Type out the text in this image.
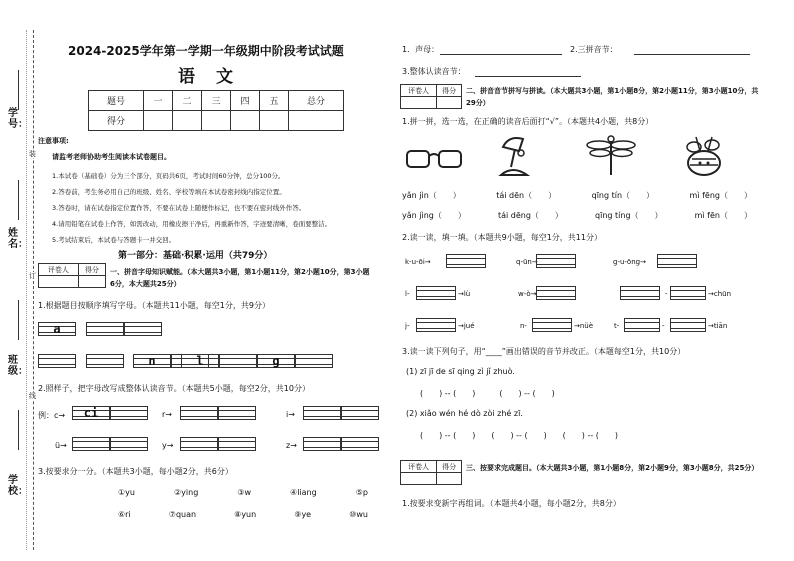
学号：
姓名：
班级：
学校：
装
订
线
2024-2025学年第一学期一年级期中阶段考试试题
语　文
题号	一	二	三	四	五	总分
得分						
注意事项:
请监考老师协助考生阅读本试卷题目。
1.本试卷（基础卷）分为三个部分，页码共6页，考试时间60分钟，总分100分。
2.答卷前，考生务必用自己的班级、姓名、学校等填在本试卷密封线内指定位置。
3.答卷时，请在试卷指定位置作答，不要在试卷上随便作标记，也不要在密封线外作答。
4.请用铅笔在试卷上作答，如需改动，用橡皮擦干净后，再重新作答，字迹要清晰，卷面要整洁。
5.考试结束后，本试卷与答题卡一并交回。
第一部分：基础·积累·运用（共79分）
评卷人	得分
	一、拼音字母知识赋能。（本大题共3小题，第1小题11分，第2小题10分，第3小题6分，本大题共25分）
1.根据题目按顺序填写字母。（本题共11小题，每空1分，共9分）
a
n	l	g
2.照样子，把字母改写成整体认读音节。（本题共5小题，每空2分，共10分）
例：c→	ci	r→	i→
ü→	y→	z→
3.按要求分一分。（本题共3小题，每小题2分，共6分）
①yu	②ying	③w	④liang	⑤p
⑥ri	⑦quan	⑧yun	⑨ye	⑩wu
1．声母：	2.三拼音节：
3.整体认读音节：
评卷人	得分
	二、拼音音节拼写与拼读。（本大题共3小题，第1小题8分，第2小题11分，第3小题10分，共29分）
1.拼一拼，选一选，在正确的读音后面打“√”。（本题共4小题，共8分）
yǎn jìn（　　）	tái dēn（　　）	qīng tín（　　）	mì fēng（　　）
yǎn jìng（　　）	tái dēng（　　）	qīng tíng（　　）	mì fēn（　　）
2.读一读，填一填。（本题共9小题，每空1分，共11分）
k-u-ōi→	q-ūn→	g-u-ōng→
l-	→lù	w-ò→	-	→chūn
j-	→jué	n-	→nüè	t-	-	→tiān
3.读一读下列句子，用“____”画出错误的音节并改正。（本题每空1分，共10分）
(1) zī jī de sī qing zì jǐ zhuò.
(　　) -- (　　)　　　(　　) -- (　　)
(2) xiǎo wén hé dò zòi zhé zī.
(　　) -- (　　)　　(　　) -- (　　)　　(　　) -- (　　)
评卷人	得分
	三、按要求完成题目。（本大题共3小题，第1小题8分，第2小题9分，第3小题8分，共25分）
1.按要求变新字再组词。（本题共4小题，每小题2分，共8分）
